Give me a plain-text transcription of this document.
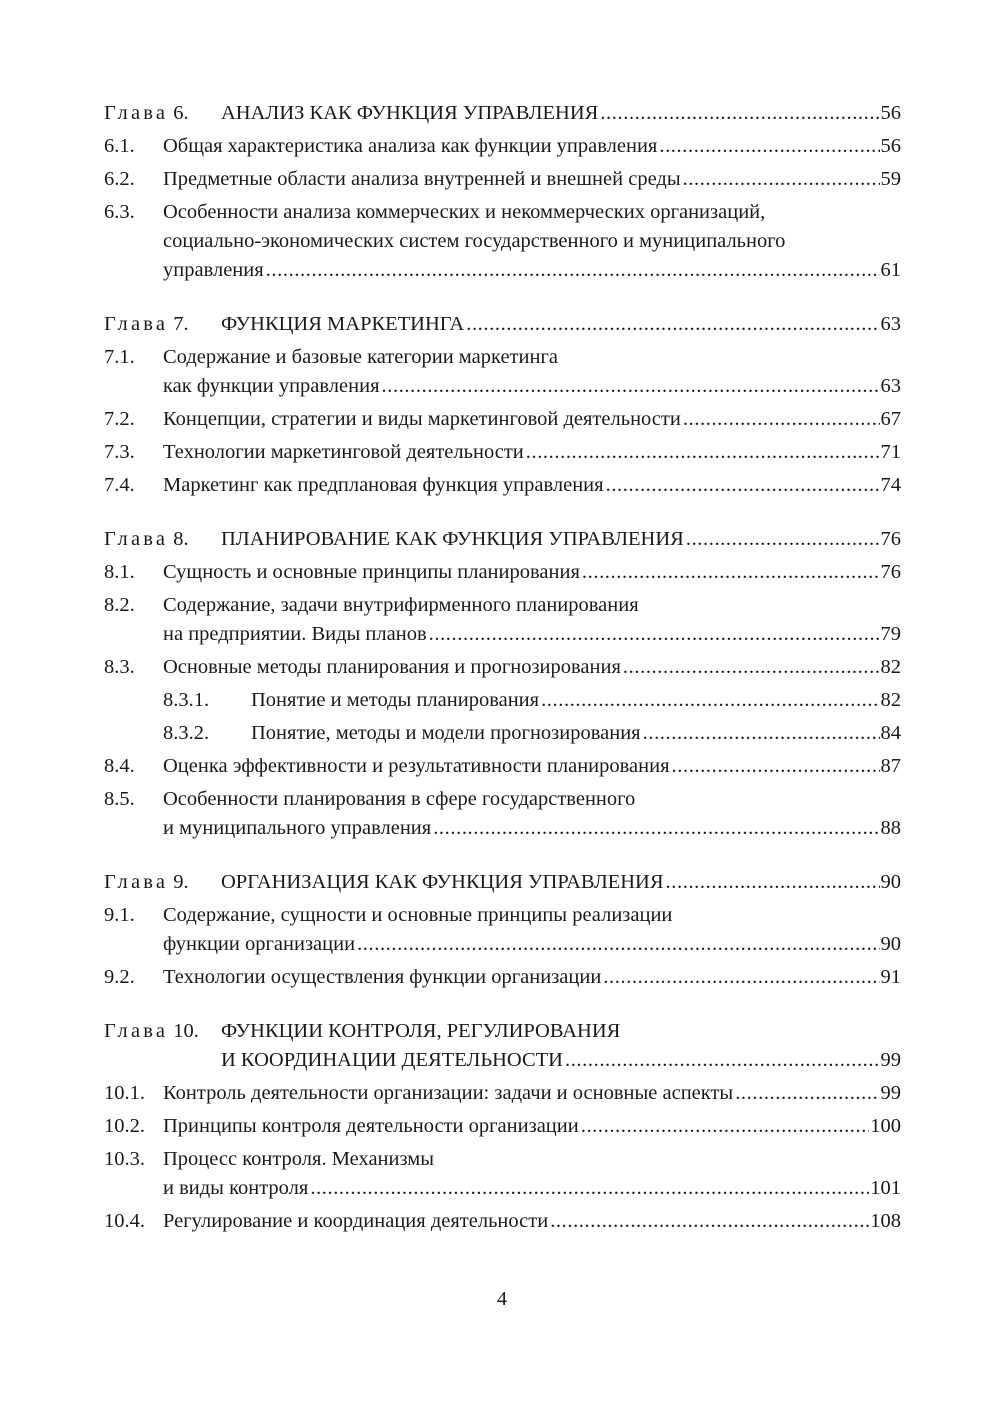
Глава 6.	АНАЛИЗ КАК ФУНКЦИЯ УПРАВЛЕНИЯ .....	56
6.1.	Общая характеристика анализа как функции управления .....	56
6.2.	Предметные области анализа внутренней и внешней среды .....	59
6.3.	Особенности анализа коммерческих и некоммерческих организаций,
социально-экономических систем государственного и муниципального
управления .....	61
Глава 7.	ФУНКЦИЯ МАРКЕТИНГА .....	63
7.1.	Содержание и базовые категории маркетинга
как функции управления .....	63
7.2.	Концепции, стратегии и виды маркетинговой деятельности .....	67
7.3.	Технологии маркетинговой деятельности .....	71
7.4.	Маркетинг как предплановая функция управления .....	74
Глава 8.	ПЛАНИРОВАНИЕ КАК ФУНКЦИЯ УПРАВЛЕНИЯ .....	76
8.1.	Сущность и основные принципы планирования .....	76
8.2.	Содержание, задачи внутрифирменного планирования
на предприятии. Виды планов .....	79
8.3.	Основные методы планирования и прогнозирования .....	82
8.3.1.	Понятие и методы планирования .....	82
8.3.2.	Понятие, методы и модели прогнозирования .....	84
8.4.	Оценка эффективности и результативности планирования .....	87
8.5.	Особенности планирования в сфере государственного
и муниципального управления .....	88
Глава 9.	ОРГАНИЗАЦИЯ КАК ФУНКЦИЯ УПРАВЛЕНИЯ .....	90
9.1.	Содержание, сущности и основные принципы реализации
функции организации .....	90
9.2.	Технологии осуществления функции организации .....	91
Глава 10.	ФУНКЦИИ КОНТРОЛЯ, РЕГУЛИРОВАНИЯ
И КООРДИНАЦИИ ДЕЯТЕЛЬНОСТИ .....	99
10.1. Контроль деятельности организации: задачи и основные аспекты .....	99
10.2. Принципы контроля деятельности организации .....	100
10.3. Процесс контроля. Механизмы
и виды контроля .....	101
10.4. Регулирование и координация деятельности .....	108
4
